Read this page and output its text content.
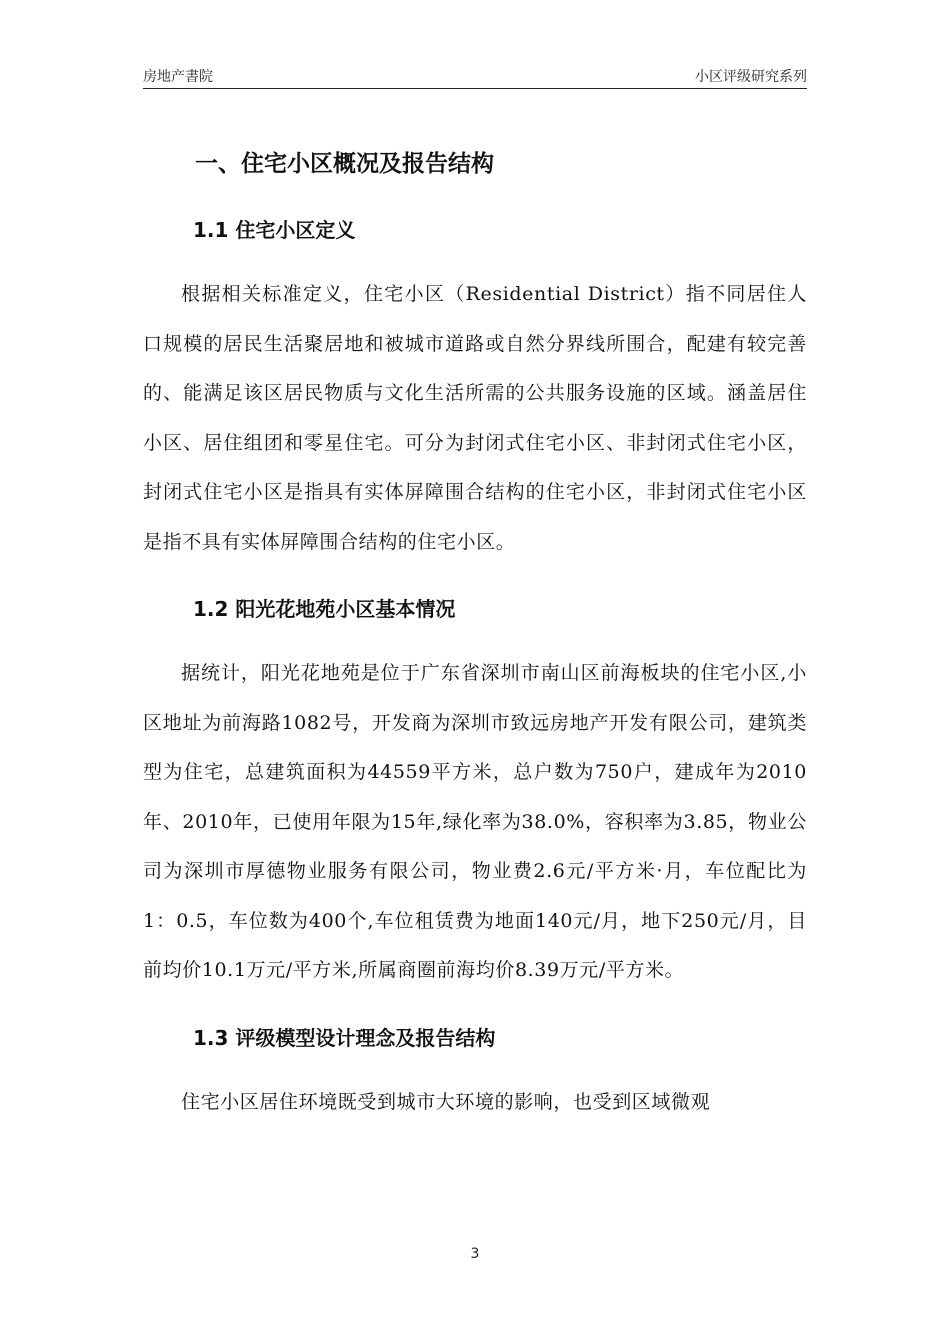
房地产書院	小区评级研究系列
一、住宅小区概况及报告结构
1.1 住宅小区定义

根据相关标准定义，住宅小区（Residential District）指不同居住人口规模的居民生活聚居地和被城市道路或自然分界线所围合，配建有较完善的、能满足该区居民物质与文化生活所需的公共服务设施的区域。涵盖居住小区、居住组团和零星住宅。可分为封闭式住宅小区、非封闭式住宅小区，封闭式住宅小区是指具有实体屏障围合结构的住宅小区，非封闭式住宅小区是指不具有实体屏障围合结构的住宅小区。

1.2 阳光花地苑小区基本情况

据统计，阳光花地苑是位于广东省深圳市南山区前海板块的住宅小区,小区地址为前海路1082号，开发商为深圳市致远房地产开发有限公司，建筑类型为住宅，总建筑面积为44559平方米，总户数为750户，建成年为2010年、2010年，已使用年限为15年,绿化率为38.0%，容积率为3.85，物业公司为深圳市厚德物业服务有限公司，物业费2.6元/平方米·月，车位配比为1：0.5，车位数为400个,车位租赁费为地面140元/月，地下250元/月，目前均价10.1万元/平方米,所属商圈前海均价8.39万元/平方米。

1.3 评级模型设计理念及报告结构

住宅小区居住环境既受到城市大环境的影响，也受到区域微观

3
